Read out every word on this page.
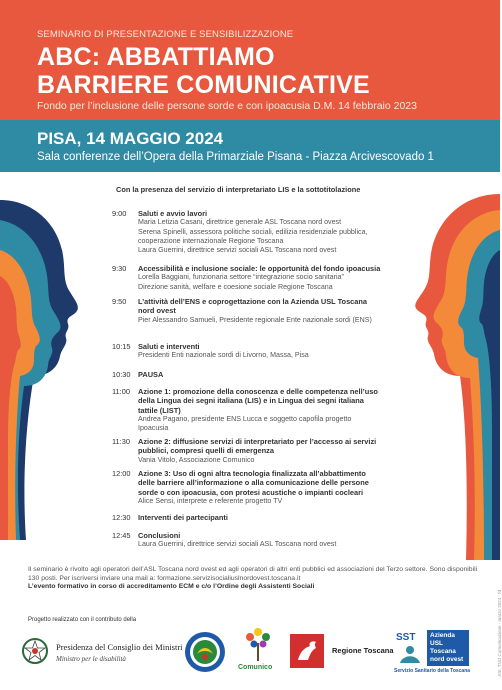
SEMINARIO DI PRESENTAZIONE E SENSIBILIZZAZIONE
ABC: ABBATTIAMO
BARRIERE COMUNICATIVE
Fondo per l’inclusione delle persone sorde e con ipoacusia D.M. 14 febbraio 2023
PISA, 14 MAGGIO 2024
Sala conferenze dell’Opera della Primarziale Pisana - Piazza Arcivescovado 1
Con la presenza del servizio di interpretariato LIS e la sottotitolazione
9:00	Saluti e avvio lavori
Maria Letizia Casani, direttrice generale ASL Toscana nord ovest
Serena Spinelli, assessora politiche sociali, edilizia residenziale pubblica, cooperazione internazionale Regione Toscana
Laura Guerrini, direttrice servizi sociali ASL Toscana nord ovest
9:30	Accessibilità e inclusione sociale: le opportunità del fondo ipoacusia
Lorella Baggiani, funzionaria settore “integrazione socio sanitaria”
Direzione sanità, welfare e coesione sociale Regione Toscana
9:50	L’attività dell’ENS e coprogettazione con la Azienda USL Toscana nord ovest
Pier Alessandro Samueli, Presidente regionale Ente nazionale sordi (ENS)
10:15 Saluti e interventi
Presidenti Enti nazionale sordi di Livorno, Massa, Pisa
10:30 PAUSA
11:00 Azione 1: promozione della conoscenza e delle competenza nell’uso della Lingua dei segni italiana (LIS) e in Lingua dei segni italiana tattile (LIST)
Andrea Pagano, presidente ENS Lucca e soggetto capofila progetto Ipoacusia
11:30 Azione 2: diffusione servizi di interpretariato per l’accesso ai servizi pubblici, compresi quelli di emergenza
Vania Vitolo, Associazione Comunico
12:00 Azione 3: Uso di ogni altra tecnologia finalizzata all’abbattimento delle barriere all’informazione o alla comunicazione delle persone sorde o con ipoacusia, con protesi acustiche o impianti cocleari
Alice Sensi, interprete e referente progetto TV
12:30 Interventi dei partecipanti
12:45 Conclusioni
Laura Guerrini, direttrice servizi sociali ASL Toscana nord ovest
Il seminario è rivolto agli operatori dell’ASL Toscana nord ovest ed agli operatori di altri enti pubblici ed associazioni del Terzo settore. Sono disponibili 130 posti. Per iscriversi inviare una mail a: formazione.servizisocialiuslnordovest.toscana.it
L’evento formativo in corso di accreditamento ECM e c/o l’Ordine degli Assistenti Sociali
Progetto realizzato con il contributo della
Presidenza del Consiglio dei Ministri
Ministro per le disabilità
Comunico
Regione Toscana
SST Azienda
USL
Toscana
nord ovest
Servizio Sanitario della Toscana	ASL TNO Comunicazione - marzo 2024 - fd
